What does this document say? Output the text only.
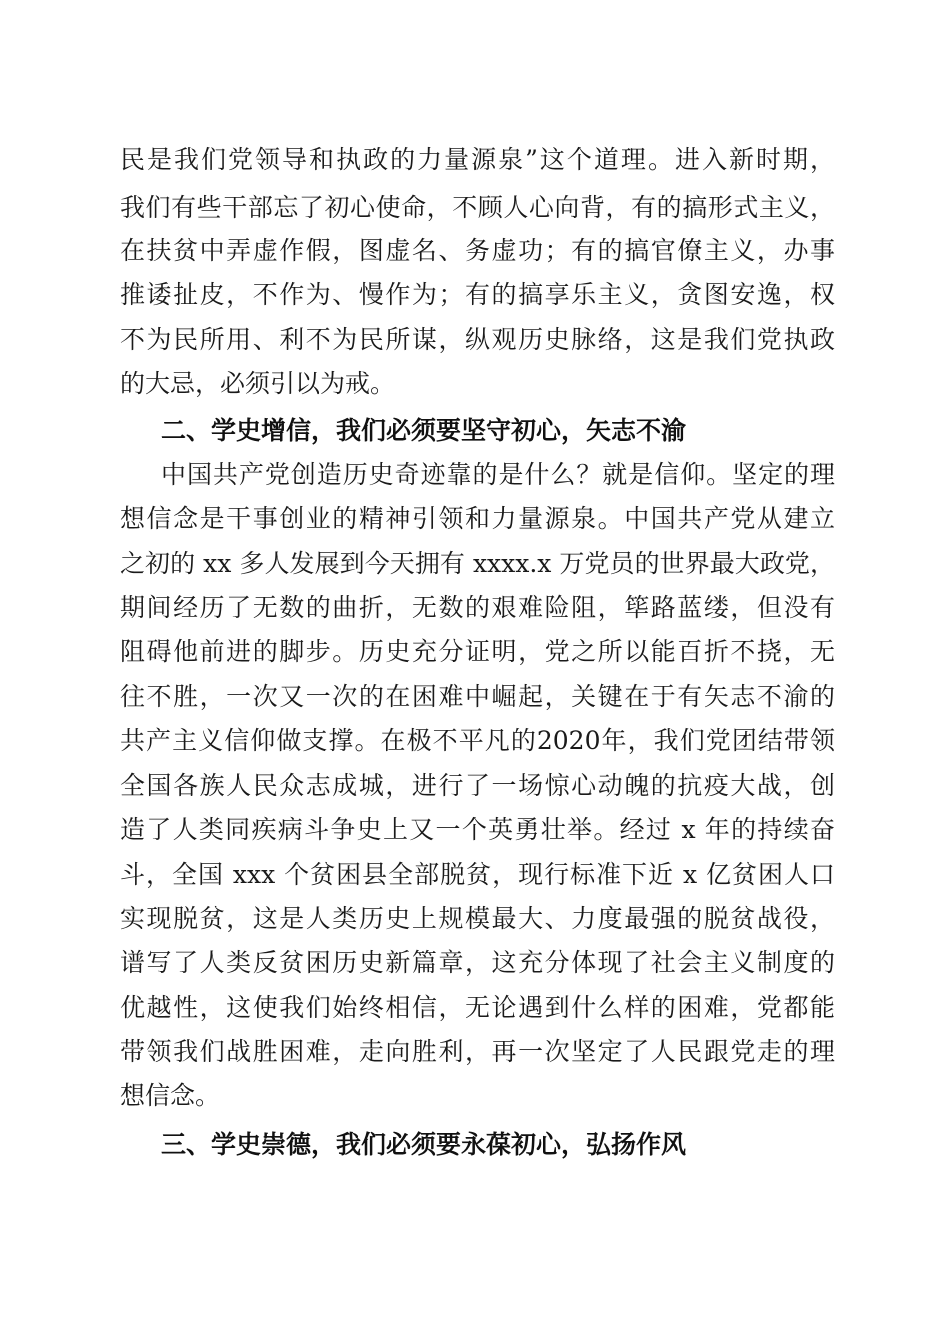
民是我们党领导和执政的力量源泉”这个道理。进入新时期，
我们有些干部忘了初心使命，不顾人心向背，有的搞形式主义，
在扶贫中弄虚作假，图虚名、务虚功；有的搞官僚主义，办事
推诿扯皮，不作为、慢作为；有的搞享乐主义，贪图安逸，权
不为民所用、利不为民所谋，纵观历史脉络，这是我们党执政
的大忌，必须引以为戒。
二、学史增信，我们必须要坚守初心，矢志不渝
中国共产党创造历史奇迹靠的是什么？就是信仰。坚定的理
想信念是干事创业的精神引领和力量源泉。中国共产党从建立
之初的 xx 多人发展到今天拥有 xxxx.x 万党员的世界最大政党，
期间经历了无数的曲折，无数的艰难险阻，筚路蓝缕，但没有
阻碍他前进的脚步。历史充分证明，党之所以能百折不挠，无
往不胜，一次又一次的在困难中崛起，关键在于有矢志不渝的
共产主义信仰做支撑。在极不平凡的2020年，我们党团结带领
全国各族人民众志成城，进行了一场惊心动魄的抗疫大战，创
造了人类同疾病斗争史上又一个英勇壮举。经过 x 年的持续奋
斗，全国 xxx 个贫困县全部脱贫，现行标准下近 x 亿贫困人口
实现脱贫，这是人类历史上规模最大、力度最强的脱贫战役，
谱写了人类反贫困历史新篇章，这充分体现了社会主义制度的
优越性，这使我们始终相信，无论遇到什么样的困难，党都能
带领我们战胜困难，走向胜利，再一次坚定了人民跟党走的理
想信念。
三、学史崇德，我们必须要永葆初心，弘扬作风
